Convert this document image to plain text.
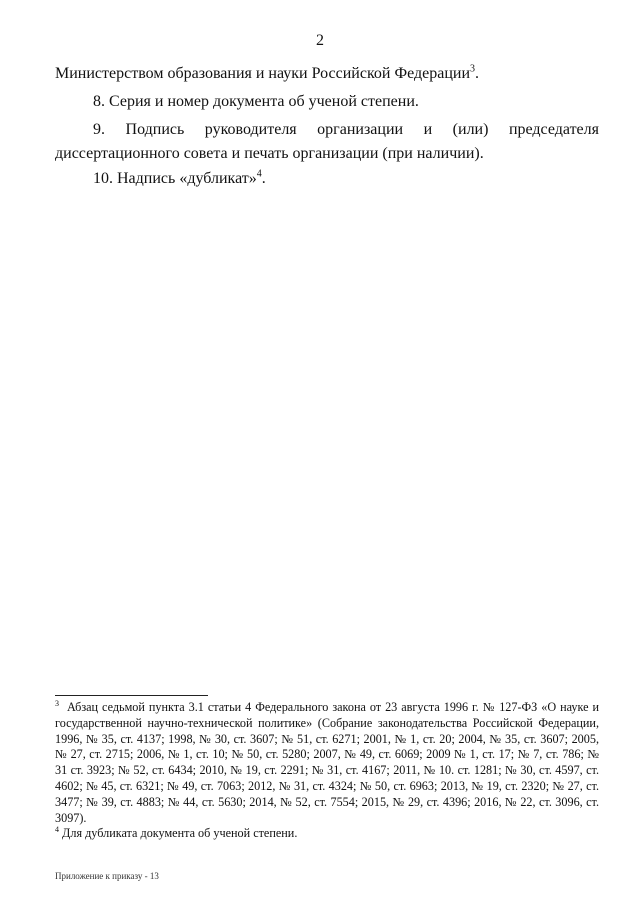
2

Министерством образования и науки Российской Федерации$^3$.

8. Серия и номер документа об ученой степени.

9. Подпись руководителя организации и (или) председателя
диссертационного совета и печать организации (при наличии).

10. Надпись «дубликат»$^4$.

$^3$ Абзац седьмой пункта 3.1 статьи 4 Федерального закона от 23 августа 1996 г. № 127-ФЗ «О науке и государственной научно-технической политике» (Собрание законодательства Российской Федерации, 1996, № 35, ст. 4137; 1998, № 30, ст. 3607; № 51, ст. 6271; 2001, № 1, ст. 20; 2004, № 35, ст. 3607; 2005, № 27, ст. 2715; 2006, № 1, ст. 10; № 50, ст. 5280; 2007, № 49, ст. 6069; 2009 № 1, ст. 17; № 7, ст. 786; № 31 ст. 3923; № 52, ст. 6434; 2010, № 19, ст. 2291; № 31, ст. 4167; 2011, № 10. ст. 1281; № 30, ст. 4597, ст. 4602; № 45, ст. 6321; № 49, ст. 7063; 2012, № 31, ст. 4324; № 50, ст. 6963; 2013, № 19, ст. 2320; № 27, ст. 3477; № 39, ст. 4883; № 44, ст. 5630; 2014, № 52, ст. 7554; 2015, № 29, ст. 4396; 2016, № 22, ст. 3096, ст. 3097).

$^4$ Для дубликата документа об ученой степени.

Приложение к приказу - 13
